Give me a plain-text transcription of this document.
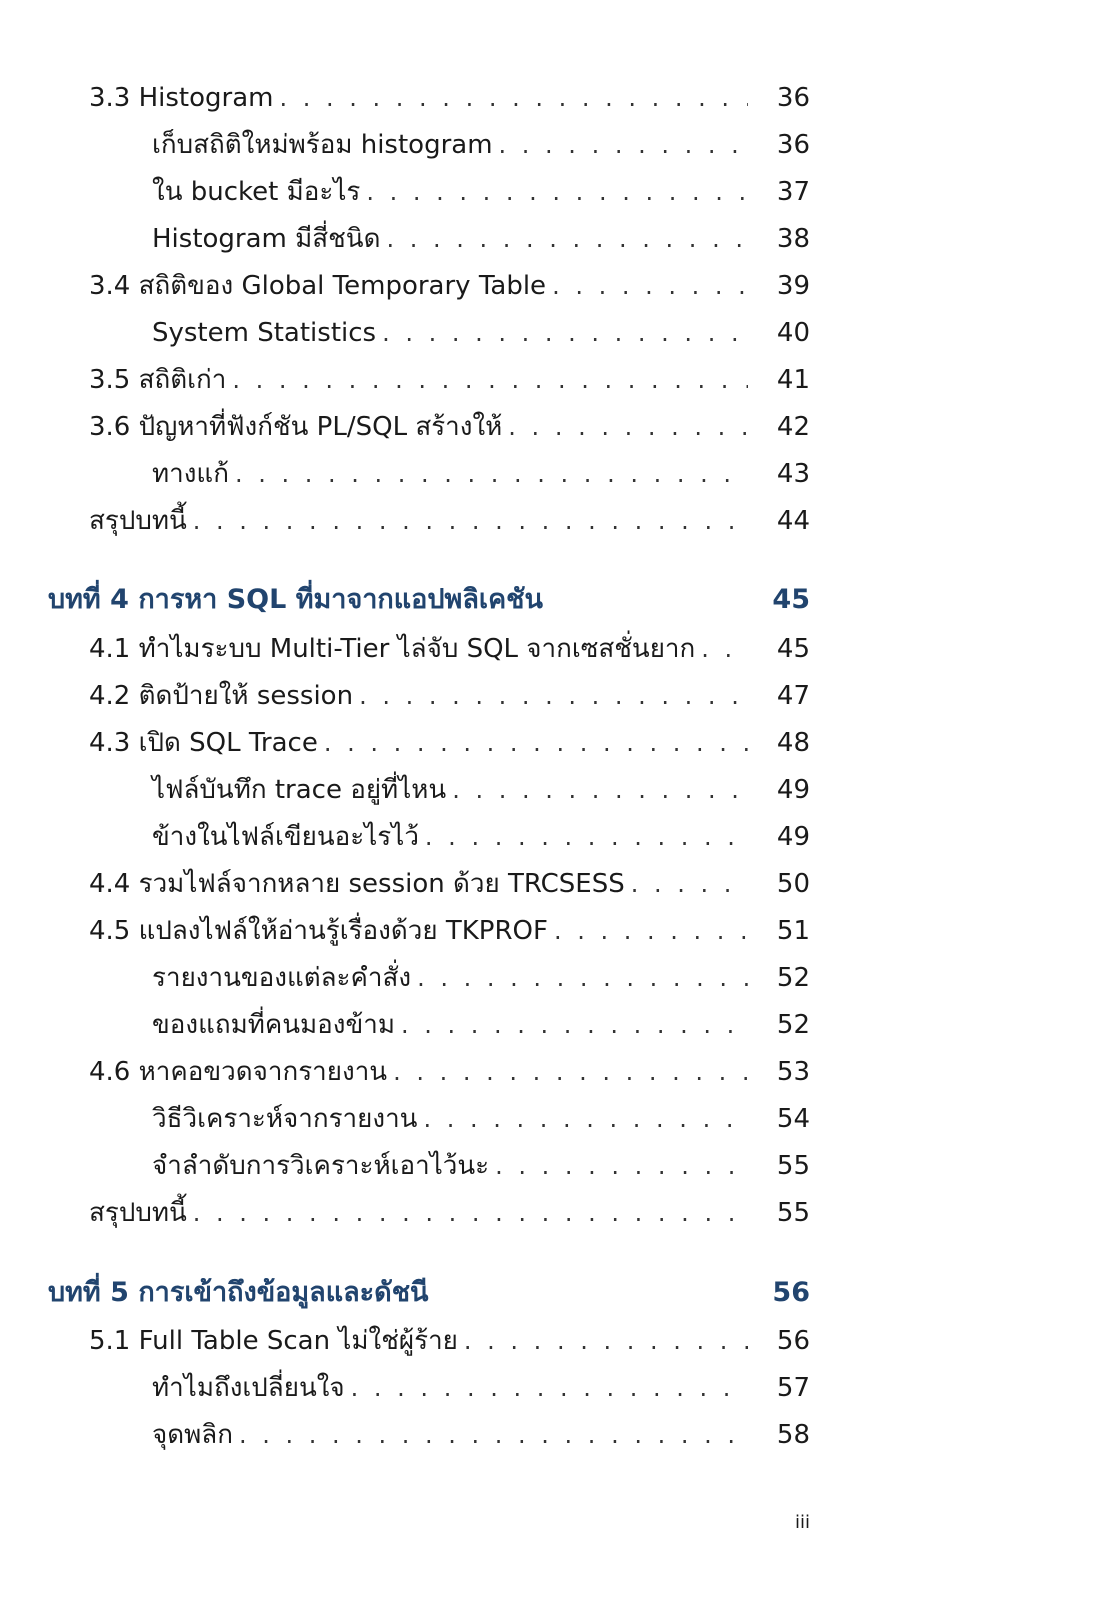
3.3 Histogram . . .	36
เก็บสถิติใหม่พร้อม histogram . . .	36
ใน bucket มีอะไร . . .	37
Histogram มีสี่ชนิด . . .	38
3.4 สถิติของ Global Temporary Table . . .	39
System Statistics . . .	40
3.5 สถิติเก่า . . .	41
3.6 ปัญหาที่ฟังก์ชัน PL/SQL สร้างให้ . . .	42
ทางแก้ . . .	43
สรุปบทนี้ . . .	44
บทที่ 4 การหา SQL ที่มาจากแอปพลิเคชัน	45
4.1 ทำไมระบบ Multi-Tier ไล่จับ SQL จากเซสชั่นยาก . . .	45
4.2 ติดป้ายให้ session . . .	47
4.3 เปิด SQL Trace . . .	48
ไฟล์บันทึก trace อยู่ที่ไหน . . .	49
ข้างในไฟล์เขียนอะไรไว้ . . .	49
4.4 รวมไฟล์จากหลาย session ด้วย TRCSESS . . .	50
4.5 แปลงไฟล์ให้อ่านรู้เรื่องด้วย TKPROF . . .	51
รายงานของแต่ละคำสั่ง . . .	52
ของแถมที่คนมองข้าม . . .	52
4.6 หาคอขวดจากรายงาน . . .	53
วิธีวิเคราะห์จากรายงาน . . .	54
จำลำดับการวิเคราะห์เอาไว้นะ . . .	55
สรุปบทนี้ . . .	55
บทที่ 5 การเข้าถึงข้อมูลและดัชนี	56
5.1 Full Table Scan ไม่ใช่ผู้ร้าย . . .	56
ทำไมถึงเปลี่ยนใจ . . .	57
จุดพลิก . . .	58
iii
